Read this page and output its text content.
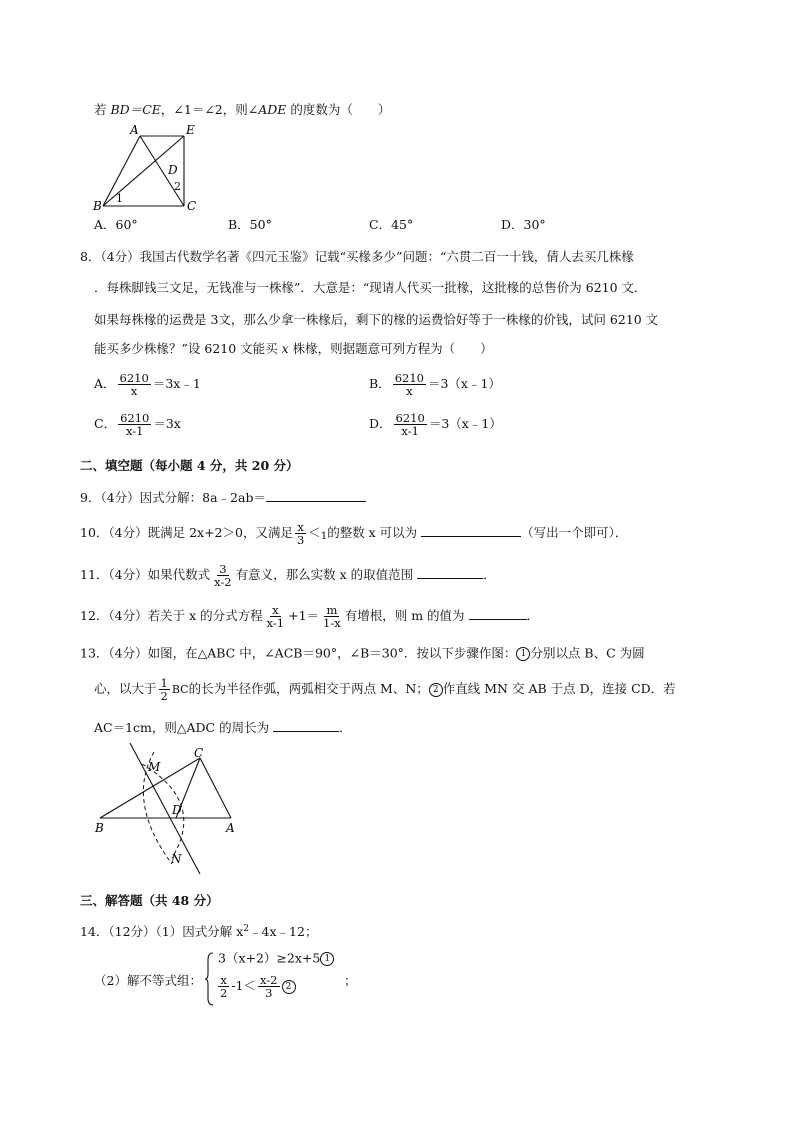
若 BD＝CE，∠1＝∠2，则∠ADE 的度数为（　　）
A	E
D
B	C
1
2
A．60°	B．50°	C．45°	D．30°
8．（4分）我国古代数学名著《四元玉鉴》记载“买椽多少”问题：“六贯二百一十钱，倩人去买几株椽
．每株脚钱三文足，无钱准与一株椽”．大意是：“现请人代买一批椽，这批椽的总售价为 6210 文．
如果每株椽的运费是 3文，那么少拿一株椽后，剩下的椽的运费恰好等于一株椽的价钱，试问 6210 文
能买多少株椽？”设 6210 文能买 x 株椽，则据题意可列方程为（　　）
A． $\frac{6210}{x}$ ＝3x﹣1	B． $\frac{6210}{x}$ ＝3（x﹣1）
C． $\frac{6210}{x-1} =3x$	D． $\frac{6210}{x-1}$ ＝3（x﹣1）
二、填空题（每小题 4 分，共 20 分）
9．（4分）因式分解：8a﹣2ab＝
10．（4分）既满足 2x+2＞0，又满足 $\frac{x}{3} <1$的整数 x 可以为	（写出一个即可）．
11．（4分）如果代数式 $\frac{3}{x-2}$ 有意义，那么实数 x 的取值范围	．
12．（4分）若关于 x 的分式方程 $\frac{x}{x-1} +1= \frac{m}{1-x}$ 有增根，则 m 的值为	．
13．（4分）如图，在△ABC 中，∠ACB＝90°，∠B＝30°．按以下步骤作图： 1 分别以点 B、C 为圆
心，以大于 $\frac{1}{2}$ BC的长为半径作弧，两弧相交于两点 M、N； 2 作直线 MN 交 AB 于点 D，连接 CD．若
AC＝1cm，则△ADC 的周长为	．
C
M
D
B	A
N
三、解答题（共 48 分）
14．（12分）（1）因式分解 $x^2﹣4x﹣12$；
（2）解不等式组：
3（x+2）≥2x+5 1
$\frac{x}{2} -1< \frac{x-2}{3} 2$	；
